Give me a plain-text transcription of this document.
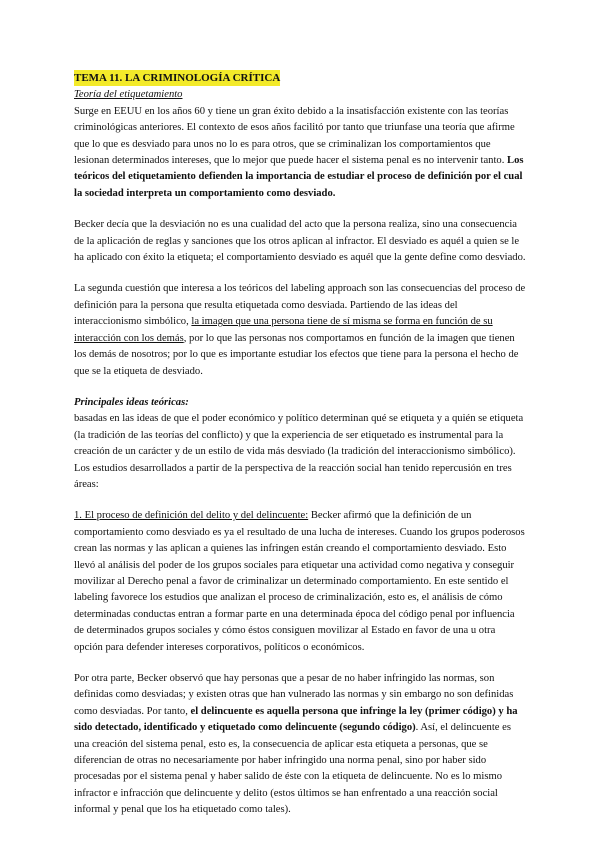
TEMA 11. LA CRIMINOLOGÍA CRÍTICA
Teoría del etiquetamiento

Surge en EEUU en los años 60 y tiene un gran éxito debido a la insatisfacción existente con las teorías criminológicas anteriores. El contexto de esos años facilitó por tanto que triunfase una teoría que afirme que lo que es desviado para unos no lo es para otros, que se criminalizan los comportamientos que lesionan determinados intereses, que lo mejor que puede hacer el sistema penal es no intervenir tanto. Los teóricos del etiquetamiento defienden la importancia de estudiar el proceso de definición por el cual la sociedad interpreta un comportamiento como desviado.

Becker decía que la desviación no es una cualidad del acto que la persona realiza, sino una consecuencia de la aplicación de reglas y sanciones que los otros aplican al infractor. El desviado es aquél a quien se le ha aplicado con éxito la etiqueta; el comportamiento desviado es aquél que la gente define como desviado.

La segunda cuestión que interesa a los teóricos del labeling approach son las consecuencias del proceso de definición para la persona que resulta etiquetada como desviada. Partiendo de las ideas del interaccionismo simbólico, la imagen que una persona tiene de sí misma se forma en función de su interacción con los demás, por lo que las personas nos comportamos en función de la imagen que tienen los demás de nosotros; por lo que es importante estudiar los efectos que tiene para la persona el hecho de que se la etiqueta de desviado.

Principales ideas teóricas:
basadas en las ideas de que el poder económico y político determinan qué se etiqueta y a quién se etiqueta (la tradición de las teorías del conflicto) y que la experiencia de ser etiquetado es instrumental para la creación de un carácter y de un estilo de vida más desviado (la tradición del interaccionismo simbólico). Los estudios desarrollados a partir de la perspectiva de la reacción social han tenido repercusión en tres áreas:

1. El proceso de definición del delito y del delincuente: Becker afirmó que la definición de un comportamiento como desviado es ya el resultado de una lucha de intereses. Cuando los grupos poderosos crean las normas y las aplican a quienes las infringen están creando el comportamiento desviado. Esto llevó al análisis del poder de los grupos sociales para etiquetar una actividad como negativa y conseguir movilizar al Derecho penal a favor de criminalizar un determinado comportamiento. En este sentido el labeling favorece los estudios que analizan el proceso de criminalización, esto es, el análisis de cómo determinadas conductas entran a formar parte en una determinada época del código penal por influencia de determinados grupos sociales y cómo éstos consiguen movilizar al Estado en favor de una u otra opción para defender intereses corporativos, políticos o económicos.

Por otra parte, Becker observó que hay personas que a pesar de no haber infringido las normas, son definidas como desviadas; y existen otras que han vulnerado las normas y sin embargo no son definidas como desviadas. Por tanto, el delincuente es aquella persona que infringe la ley (primer código) y ha sido detectado, identificado y etiquetado como delincuente (segundo código). Así, el delincuente es una creación del sistema penal, esto es, la consecuencia de aplicar esta etiqueta a personas, que se diferencian de otras no necesariamente por haber infringido una norma penal, sino por haber sido procesadas por el sistema penal y haber salido de éste con la etiqueta de delincuente. No es lo mismo infractor e infracción que delincuente y delito (estos últimos se han enfrentado a una reacción social informal y penal que los ha etiquetado como tales).
